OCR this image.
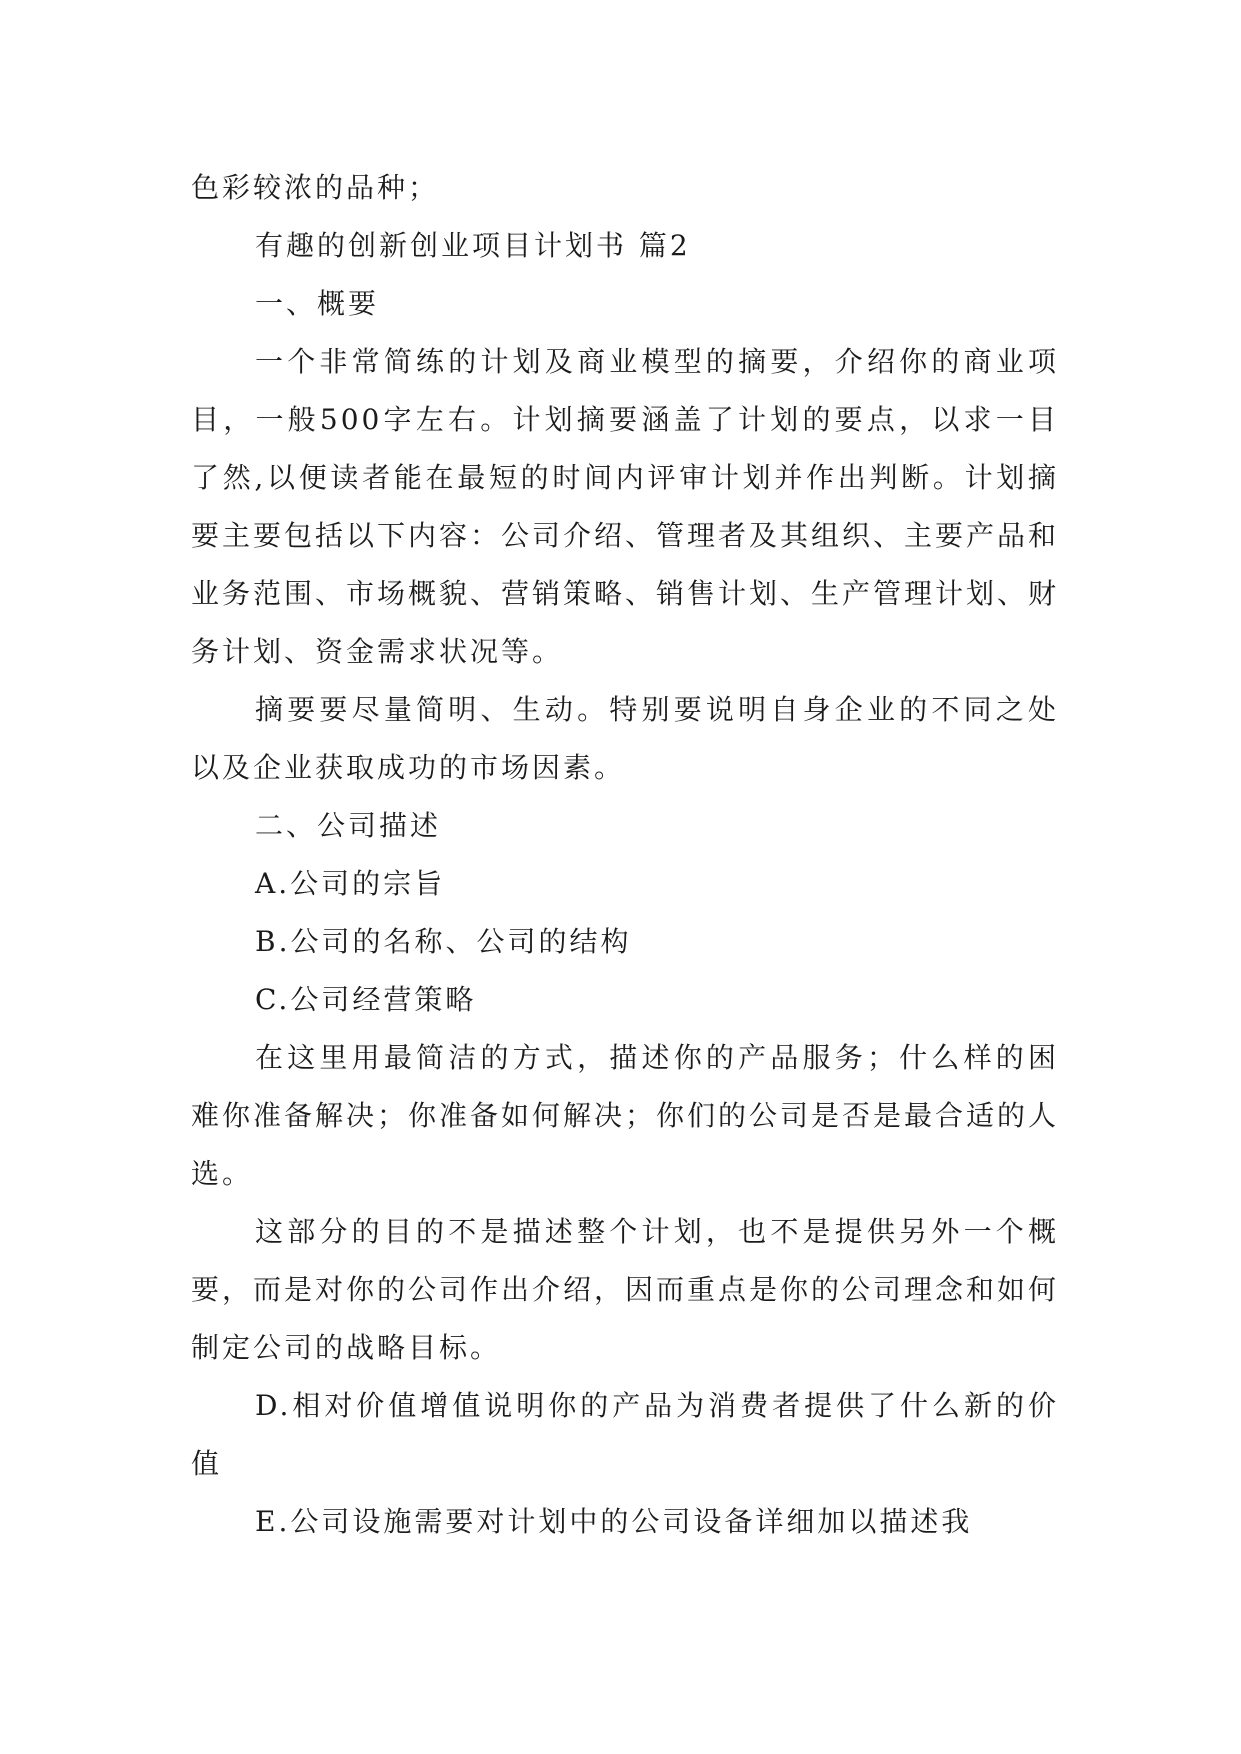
色彩较浓的品种；

有趣的创新创业项目计划书 篇2

一、概要

一个非常简练的计划及商业模型的摘要，介绍你的商业项目，一般500字左右。计划摘要涵盖了计划的要点，以求一目了然,以便读者能在最短的时间内评审计划并作出判断。计划摘要主要包括以下内容：公司介绍、管理者及其组织、主要产品和业务范围、市场概貌、营销策略、销售计划、生产管理计划、财务计划、资金需求状况等。

摘要要尽量简明、生动。特别要说明自身企业的不同之处以及企业获取成功的市场因素。

二、公司描述

A.公司的宗旨

B.公司的名称、公司的结构

C.公司经营策略

在这里用最简洁的方式，描述你的产品服务；什么样的困难你准备解决；你准备如何解决；你们的公司是否是最合适的人选。

这部分的目的不是描述整个计划，也不是提供另外一个概要，而是对你的公司作出介绍，因而重点是你的公司理念和如何制定公司的战略目标。

D.相对价值增值说明你的产品为消费者提供了什么新的价值

E.公司设施需要对计划中的公司设备详细加以描述我
